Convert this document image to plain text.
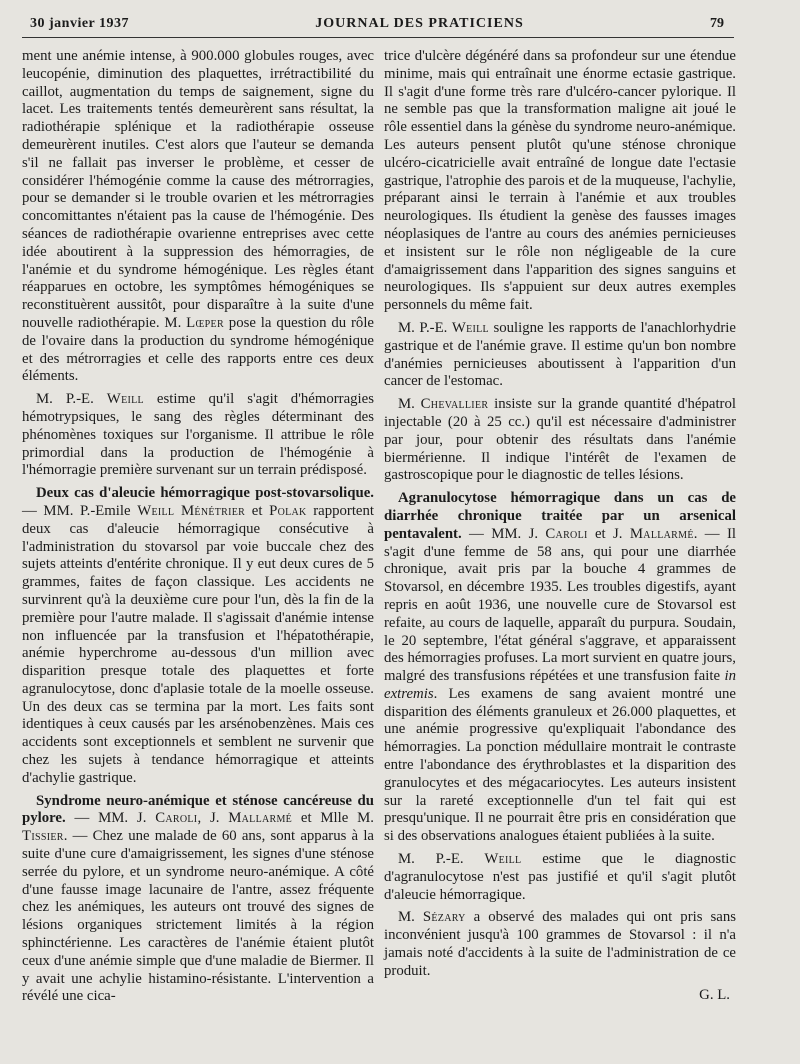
30 janvier 1937	JOURNAL DES PRATICIENS	79

ment une anémie intense, à 900.000 globules rouges, avec leucopénie, diminution des plaquettes, irrétractibilité du caillot, augmentation du temps de saignement, signe du lacet. Les traitements tentés demeurèrent sans résultat, la radiothérapie splénique et la radiothérapie osseuse demeurèrent inutiles. C'est alors que l'auteur se demanda s'il ne fallait pas inverser le problème, et cesser de considérer l'hémogénie comme la cause des métrorragies, pour se demander si le trouble ovarien et les métrorragies concomittantes n'étaient pas la cause de l'hémogénie. Des séances de radiothérapie ovarienne entreprises avec cette idée aboutirent à la suppression des hémorragies, de l'anémie et du syndrome hémogénique. Les règles étant réapparues en octobre, les symptômes hémogéniques se reconstituèrent aussitôt, pour disparaître à la suite d'une nouvelle radiothérapie. M. Lœper pose la question du rôle de l'ovaire dans la production du syndrome hémogénique et des métrorragies et celle des rapports entre ces deux éléments.

M. P.-E. Weill estime qu'il s'agit d'hémorragies hémotrypsiques, le sang des règles déterminant des phénomènes toxiques sur l'organisme. Il attribue le rôle primordial dans la production de l'hémogénie à l'hémorragie première survenant sur un terrain prédisposé.

Deux cas d'aleucie hémorragique post-stovarsolique. — MM. P.-Emile Weill Ménétrier et Polak rapportent deux cas d'aleucie hémorragique consécutive à l'administration du stovarsol par voie buccale chez des sujets atteints d'entérite chronique. Il y eut deux cures de 5 grammes, faites de façon classique. Les accidents ne survinrent qu'à la deuxième cure pour l'un, dès la fin de la première pour l'autre malade. Il s'agissait d'anémie intense non influencée par la transfusion et l'hépatothérapie, anémie hyperchrome au-dessous d'un million avec disparition presque totale des plaquettes et forte agranulocytose, donc d'aplasie totale de la moelle osseuse. Un des deux cas se termina par la mort. Les faits sont identiques à ceux causés par les arsénobenzènes. Mais ces accidents sont exceptionnels et semblent ne survenir que chez les sujets à tendance hémorragique et atteints d'achylie gastrique.

Syndrome neuro-anémique et sténose cancéreuse du pylore. — MM. J. Caroli, J. Mallarmé et Mlle M. Tissier. — Chez une malade de 60 ans, sont apparus à la suite d'une cure d'amaigrissement, les signes d'une sténose serrée du pylore, et un syndrome neuro-anémique. A côté d'une fausse image lacunaire de l'antre, assez fréquente chez les anémiques, les auteurs ont trouvé des signes de lésions organiques strictement limités à la région sphinctérienne. Les caractères de l'anémie étaient plutôt ceux d'une anémie simple que d'une maladie de Biermer. Il y avait une achylie histamino-résistante. L'intervention a révélé une cica-

trice d'ulcère dégénéré dans sa profondeur sur une étendue minime, mais qui entraînait une énorme ectasie gastrique. Il s'agit d'une forme très rare d'ulcéro-cancer pylorique. Il ne semble pas que la transformation maligne ait joué le rôle essentiel dans la génèse du syndrome neuro-anémique. Les auteurs pensent plutôt qu'une sténose chronique ulcéro-cicatricielle avait entraîné de longue date l'ectasie gastrique, l'atrophie des parois et de la muqueuse, l'achylie, préparant ainsi le terrain à l'anémie et aux troubles neurologiques. Ils étudient la genèse des fausses images néoplasiques de l'antre au cours des anémies pernicieuses et insistent sur le rôle non négligeable de la cure d'amaigrissement dans l'apparition des signes sanguins et neurologiques. Ils s'appuient sur deux autres exemples personnels du même fait.

M. P.-E. Weill souligne les rapports de l'anachlorhydrie gastrique et de l'anémie grave. Il estime qu'un bon nombre d'anémies pernicieuses aboutissent à l'apparition d'un cancer de l'estomac.

M. Chevallier insiste sur la grande quantité d'hépatrol injectable (20 à 25 cc.) qu'il est nécessaire d'administrer par jour, pour obtenir des résultats dans l'anémie biermérienne. Il indique l'intérêt de l'examen de gastroscopique pour le diagnostic de telles lésions.

Agranulocytose hémorragique dans un cas de diarrhée chronique traitée par un arsenical pentavalent. — MM. J. Caroli et J. Mallarmé. — Il s'agit d'une femme de 58 ans, qui pour une diarrhée chronique, avait pris par la bouche 4 grammes de Stovarsol, en décembre 1935. Les troubles digestifs, ayant repris en août 1936, une nouvelle cure de Stovarsol est refaite, au cours de laquelle, apparaît du purpura. Soudain, le 20 septembre, l'état général s'aggrave, et apparaissent des hémorragies profuses. La mort survient en quatre jours, malgré des transfusions répétées et une transfusion faite in extremis. Les examens de sang avaient montré une disparition des éléments granuleux et 26.000 plaquettes, et une anémie progressive qu'expliquait l'abondance des hémorragies. La ponction médullaire montrait le contraste entre l'abondance des érythroblastes et la disparition des granulocytes et des mégacariocytes. Les auteurs insistent sur la rareté exceptionnelle d'un tel fait qui est presqu'unique. Il ne pourrait être pris en considération que si des observations analogues étaient publiées à la suite.

M. P.-E. Weill estime que le diagnostic d'agranulocytose n'est pas justifié et qu'il s'agit plutôt d'aleucie hémorragique.

M. Sézary a observé des malades qui ont pris sans inconvénient jusqu'à 100 grammes de Stovarsol : il n'a jamais noté d'accidents à la suite de l'administration de ce produit.

G. L.
